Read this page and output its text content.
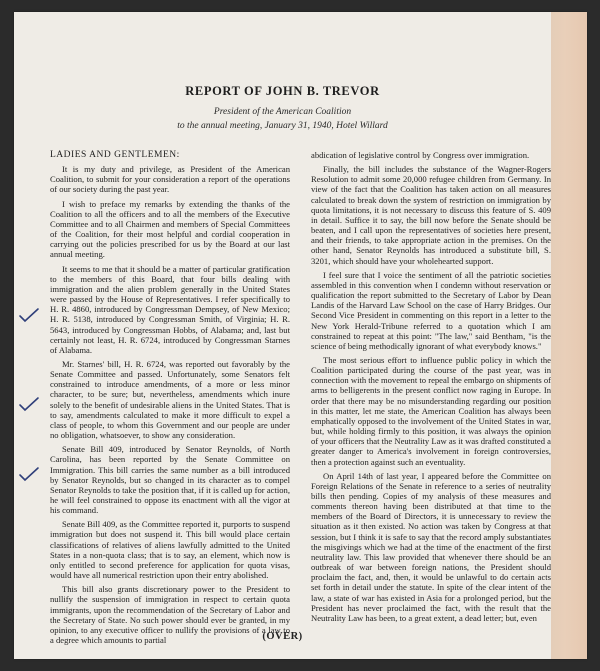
REPORT OF JOHN B. TREVOR
President of the American Coalition
to the annual meeting, January 31, 1940, Hotel Willard

LADIES AND GENTLEMEN:

It is my duty and privilege, as President of the American Coalition, to submit for your consideration a report of the operations of our society during the past year.

I wish to preface my remarks by extending the thanks of the Coalition to all the officers and to all the members of the Executive Committee and to all Chairmen and members of Special Committees of the Coalition, for their most helpful and cordial cooperation in carrying out the policies prescribed for us by the Board at our last annual meeting.

It seems to me that it should be a matter of particular gratification to the members of this Board, that four bills dealing with immigration and the alien problem generally in the United States were passed by the House of Representatives. I refer specifically to H. R. 4860, introduced by Congressman Dempsey, of New Mexico; H. R. 5138, introduced by Congressman Smith, of Virginia; H. R. 5643, introduced by Congressman Hobbs, of Alabama; and, last but certainly not least, H. R. 6724, introduced by Congressman Starnes of Alabama.

Mr. Starnes' bill, H. R. 6724, was reported out favorably by the Senate Committee and passed. Unfortunately, some Senators felt constrained to introduce amendments, of a more or less minor character, to be sure; but, nevertheless, amendments which inure solely to the benefit of undesirable aliens in the United States. That is to say, amendments calculated to make it more difficult to expel a class of people, to whom this Government and our people are under no obligation, whatsoever, to show any consideration.

Senate Bill 409, introduced by Senator Reynolds, of North Carolina, has been reported by the Senate Committee on Immigration. This bill carries the same number as a bill introduced by Senator Reynolds, but so changed in its character as to compel Senator Reynolds to take the position that, if it is called up for action, he will feel constrained to oppose its enactment with all the vigor at his command.

Senate Bill 409, as the Committee reported it, purports to suspend immigration but does not suspend it. This bill would place certain classifications of relatives of aliens lawfully admitted to the United States in a non-quota class; that is to say, an element, which now is only entitled to second preference for application for quota visas, would have all numerical restriction upon their entry abolished.

This bill also grants discretionary power to the President to nullify the suspension of immigration in respect to certain quota immigrants, upon the recommendation of the Secretary of Labor and the Secretary of State. No such power should ever be granted, in my opinion, to any executive officer to nullify the provisions of a law to a degree which amounts to partial

abdication of legislative control by Congress over immigration.

Finally, the bill includes the substance of the Wagner-Rogers Resolution to admit some 20,000 refugee children from Germany. In view of the fact that the Coalition has taken action on all measures calculated to break down the system of restriction on immigration by quota limitations, it is not necessary to discuss this feature of S. 409 in detail. Suffice it to say, the bill now before the Senate should be beaten, and I call upon the representatives of societies here present, and their friends, to take appropriate action in the premises. On the other hand, Senator Reynolds has introduced a substitute bill, S. 3201, which should have your wholehearted support.

I feel sure that I voice the sentiment of all the patriotic societies assembled in this convention when I condemn without reservation or qualification the report submitted to the Secretary of Labor by Dean Landis of the Harvard Law School on the case of Harry Bridges. Our Second Vice President in commenting on this report in a letter to the New York Herald-Tribune referred to a quotation which I am constrained to repeat at this point: "The law," said Bentham, "is the science of being methodically ignorant of what everybody knows."

The most serious effort to influence public policy in which the Coalition participated during the course of the past year, was in connection with the movement to repeal the embargo on shipments of arms to belligerents in the present conflict now raging in Europe. In order that there may be no misunderstanding regarding our position in this matter, let me state, the American Coalition has always been emphatically opposed to the involvement of the United States in war, but, while holding firmly to this position, it was always the opinion of your officers that the Neutrality Law as it was drafted constituted a greater danger to America's involvement in foreign controversies, then a protection against such an eventuality.

On April 14th of last year, I appeared before the Committee on Foreign Relations of the Senate in reference to a series of neutrality bills then pending. Copies of my analysis of these measures and comments thereon having been distributed at that time to the members of the Board of Directors, it is unnecessary to review the situation as it then existed. No action was taken by Congress at that session, but I think it is safe to say that the record amply substantiates the misgivings which we had at the time of the enactment of the first neutrality law. This law provided that whenever there should be an outbreak of war between foreign nations, the President should proclaim the fact, and, then, it would be unlawful to do certain acts set forth in detail under the statute. In spite of the clear intent of the law, a state of war has existed in Asia for a prolonged period, but the President has never proclaimed the fact, with the result that the Neutrality Law has been, to a great extent, a dead letter; but, even

(OVER)
